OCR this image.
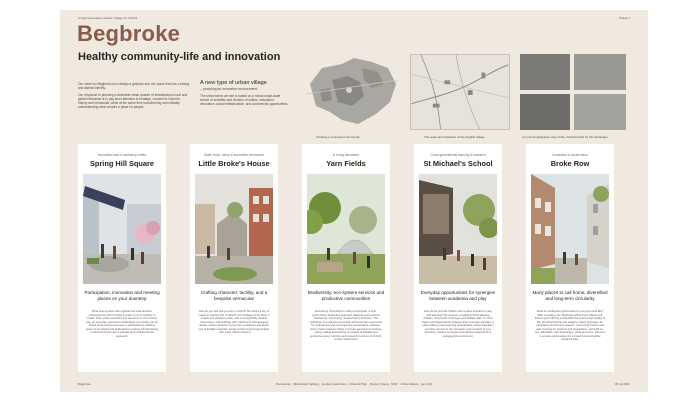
A New Generation Garden Village for Oxford	Phase 1
Begbroke
Healthy community-life and innovation

Our vision for Begbroke is to design a granular and rich place that has a strong and distinct identity.

Our response to planning a desirable urban quarter of simultaneous local and global relevance is to pay keen attention to heritage, connect to Oxford's history and vernacular, while at the same time transforming and critically understanding what creates a place for people.

A new type of urban village
– providing an innovative environment.
The urban fabric we see is based on a mixed small-scale weave of activities and clusters of culture, education, innovation, social infrastructure, and commercial opportunities.
Creating a connected community	The scale and character of the English village	A communal/agrarian way of life, characterized by the landscape
Innovation labs & workshop coffee
Spring Hill Square
Participation, innovation and meeting places on your doorstep
What does a place with a global and local ambition concretely look like? Finding a scale to come together to create, build, share amenities and resources in an inclusive way, an everyday social and collaborative community can be linked. Empowering everyone to participate by enabling space to be shared and dedicated to creating rich flourishing environments through a granular and multi-functional approach.
State, brick, hemp & innovative vernacular
Little Broke's House
Crafting character, tactility, and a bespoke vernacular
How do you feel that you are in Oxford? We think it's key to create an identity that is linked to the heritage of the area. A unique and attractive place, with a recognizably durable urban fabric, and buildings with crafted and well designed details, where character comes from a wellness and tactile use of durable materials, locally produced and regenerative – with a low carbon footprint.
A Living laboratory
Yarn Fields
Biodiversity, eco-system services and productive communities
Embracing Oxfordshire's rolling countryside, a high-performance landscape approach balances and enriches biodiversity, community, research and production. The cultivation of small-size food fields and forest farm land beds for hydroponics and contemporary permaculture practices, where local producers follow a circular approach to growing, eating, talking and sharing. A network of habitats and productive green corridors and research functions of Oxford, London and beyond.
Cross generational learning & research
St Michael's School
Everyday opportunities for synergies between academia and play
How do we provide children with a place founded on play and learning? We envision a neighbourhood allowing children, and people of all ages and abilities alike, to move freely and independently between their everyday activities. A place offering many learning opportunities, where education and play connect to the innovation and research of your doorstep, creating synergies and shared prospects for a pedagogical environment.
Incubation & social mess
Broke Row
Many places to call home, diversified and long-term circularity
What do residential opportunities for everyone look like? With a creative mix, Begbroke will become vibrant and fosters good offering sustainable living and a high quality of life, providing flexible and adaptive robust typologies for integration of work and research. Community homes and aids, housing for students and researchers, self-build co-ops, affordable, new local shops, yards and more. Partners to ensure opportunities for a mixed local and global residents alike.
Begbroke	Pertwomas · Björkander Sjöberg · Henley Halebrown · Urbanist Plan · Flerion Cheng · MSP · Urban Nature · Ian Firth	06.12.2021
